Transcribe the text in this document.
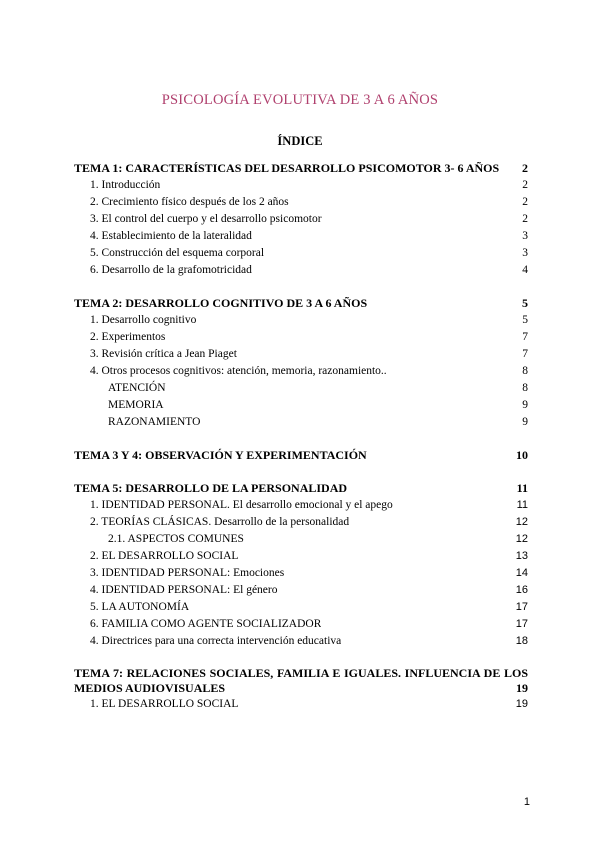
PSICOLOGÍA EVOLUTIVA DE 3 A 6 AÑOS
ÍNDICE
TEMA 1: CARACTERÍSTICAS DEL DESARROLLO PSICOMOTOR 3- 6 AÑOS	2
1. Introducción	2
2. Crecimiento físico después de los 2 años	2
3. El control del cuerpo y el desarrollo psicomotor	2
4. Establecimiento de la lateralidad	3
5. Construcción del esquema corporal	3
6. Desarrollo de la grafomotricidad	4
TEMA 2: DESARROLLO COGNITIVO DE 3 A 6 AÑOS	5
1. Desarrollo cognitivo	5
2. Experimentos	7
3. Revisión crítica a Jean Piaget	7
4. Otros procesos cognitivos: atención, memoria, razonamiento..	8
ATENCIÓN	8
MEMORIA	9
RAZONAMIENTO	9
TEMA 3 Y 4: OBSERVACIÓN Y EXPERIMENTACIÓN	10
TEMA 5: DESARROLLO DE LA PERSONALIDAD	11
1. IDENTIDAD PERSONAL. El desarrollo emocional y el apego	11
2. TEORÍAS CLÁSICAS. Desarrollo de la personalidad	12
2.1. ASPECTOS COMUNES	12
2. EL DESARROLLO SOCIAL	13
3. IDENTIDAD PERSONAL: Emociones	14
4. IDENTIDAD PERSONAL: El género	16
5. LA AUTONOMÍA	17
6. FAMILIA COMO AGENTE SOCIALIZADOR	17
4. Directrices para una correcta intervención educativa	18
TEMA 7: RELACIONES SOCIALES, FAMILIA E IGUALES. INFLUENCIA DE LOS MEDIOS AUDIOVISUALES	19
1. EL DESARROLLO SOCIAL	19
1
